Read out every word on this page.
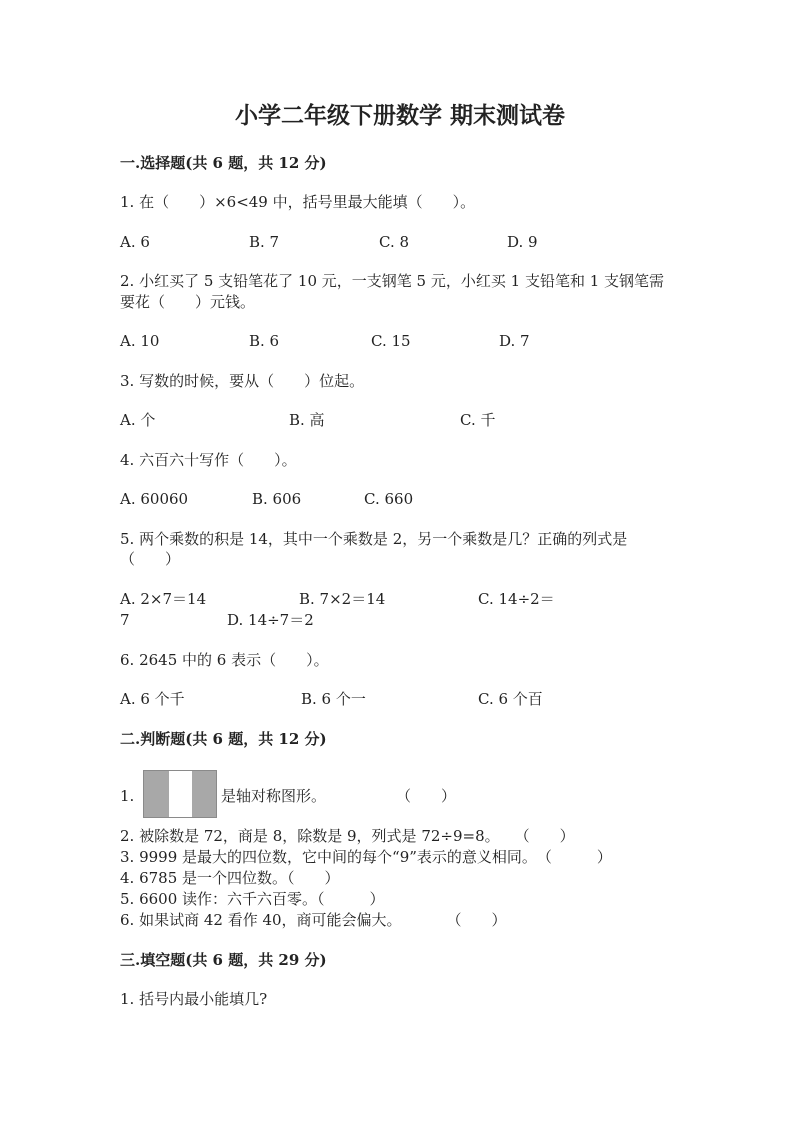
小学二年级下册数学 期末测试卷
一.选择题(共 6 题，共 12 分)
1. 在（　　）×6<49 中，括号里最大能填（　　）。
A. 6	B. 7	C. 8	D. 9
2. 小红买了 5 支铅笔花了 10 元，一支钢笔 5 元，小红买 1 支铅笔和 1 支钢笔需
要花（　　）元钱。
A. 10	B. 6	C. 15	D. 7
3. 写数的时候，要从（　　）位起。
A. 个	B. 高	C. 千
4. 六百六十写作（　　）。
A. 60060	B. 606	C. 660
5. 两个乘数的积是 14，其中一个乘数是 2，另一个乘数是几？正确的列式是
（　　）
A. 2×7＝14	B. 7×2＝14	C. 14÷2＝
7	D. 14÷7＝2
6. 2645 中的 6 表示（　　）。
A. 6 个千	B. 6 个一	C. 6 个百
二.判断题(共 6 题，共 12 分)
1.	是轴对称图形。	（　　）
2. 被除数是 72，商是 8，除数是 9，列式是 72÷9=8。　　（　　）
3. 9999 是最大的四位数，它中间的每个“9”表示的意义相同。　（　　　）
4. 6785 是一个四位数。（　　）
5. 6600 读作：六千六百零。（　　　）
6. 如果试商 42 看作 40，商可能会偏大。　　　　（　　）
三.填空题(共 6 题，共 29 分)
1. 括号内最小能填几?
